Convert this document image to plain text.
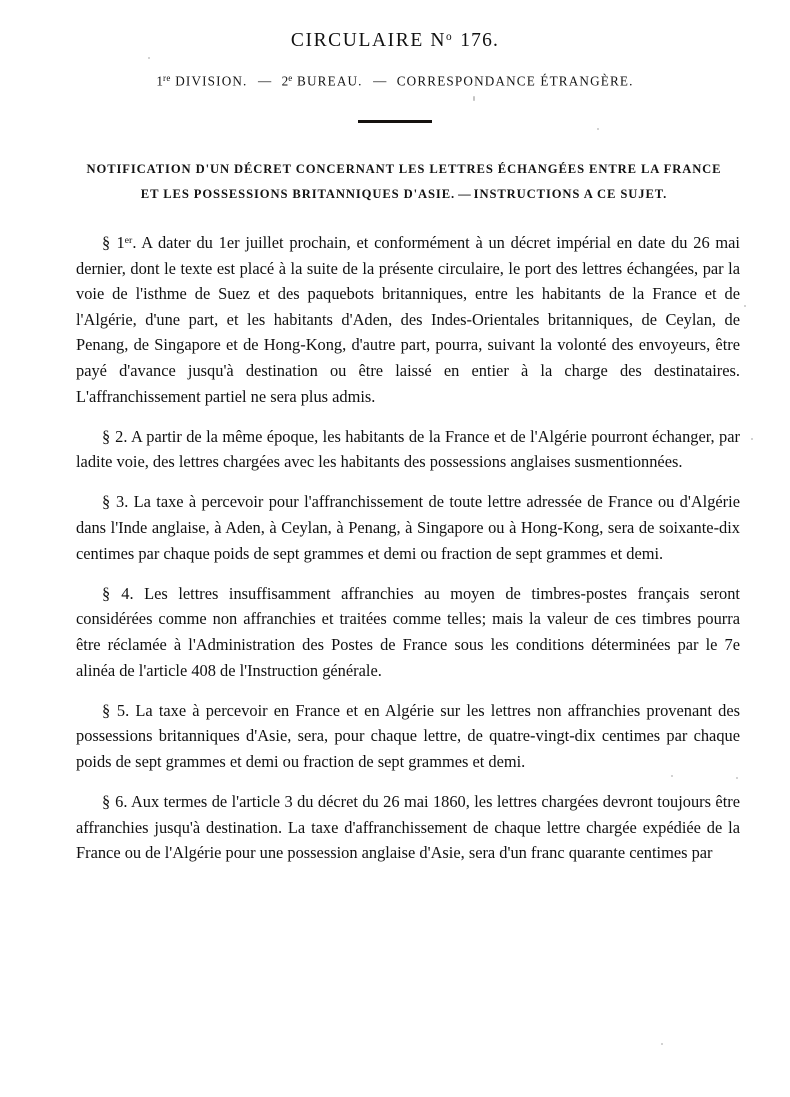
CIRCULAIRE $N^o$ 176.
1re DIVISION. — 2e BUREAU. — CORRESPONDANCE ÉTRANGÈRE.
NOTIFICATION D'UN DÉCRET CONCERNANT LES LETTRES ÉCHANGÉES ENTRE LA FRANCE
ET LES POSSESSIONS BRITANNIQUES D'ASIE. — INSTRUCTIONS A CE SUJET.

§ 1er. A dater du 1er juillet prochain, et conformément à un décret impérial en date du 26 mai dernier, dont le texte est placé à la suite de la présente circulaire, le port des lettres échangées, par la voie de l'isthme de Suez et des paquebots britanniques, entre les habitants de la France et de l'Algérie, d'une part, et les habitants d'Aden, des Indes-Orientales britanniques, de Ceylan, de Penang, de Singapore et de Hong-Kong, d'autre part, pourra, suivant la volonté des envoyeurs, être payé d'avance jusqu'à destination ou être laissé en entier à la charge des destinataires. L'affranchissement partiel ne sera plus admis.

§ 2. A partir de la même époque, les habitants de la France et de l'Algérie pourront échanger, par ladite voie, des lettres chargées avec les habitants des possessions anglaises susmentionnées.

§ 3. La taxe à percevoir pour l'affranchissement de toute lettre adressée de France ou d'Algérie dans l'Inde anglaise, à Aden, à Ceylan, à Penang, à Singapore ou à Hong-Kong, sera de soixante-dix centimes par chaque poids de sept grammes et demi ou fraction de sept grammes et demi.

§ 4. Les lettres insuffisamment affranchies au moyen de timbres-postes français seront considérées comme non affranchies et traitées comme telles; mais la valeur de ces timbres pourra être réclamée à l'Administration des Postes de France sous les conditions déterminées par le 7e alinéa de l'article 408 de l'Instruction générale.

§ 5. La taxe à percevoir en France et en Algérie sur les lettres non affranchies provenant des possessions britanniques d'Asie, sera, pour chaque lettre, de quatre-vingt-dix centimes par chaque poids de sept grammes et demi ou fraction de sept grammes et demi.

§ 6. Aux termes de l'article 3 du décret du 26 mai 1860, les lettres chargées devront toujours être affranchies jusqu'à destination. La taxe d'affranchissement de chaque lettre chargée expédiée de la France ou de l'Algérie pour une possession anglaise d'Asie, sera d'un franc quarante centimes par
